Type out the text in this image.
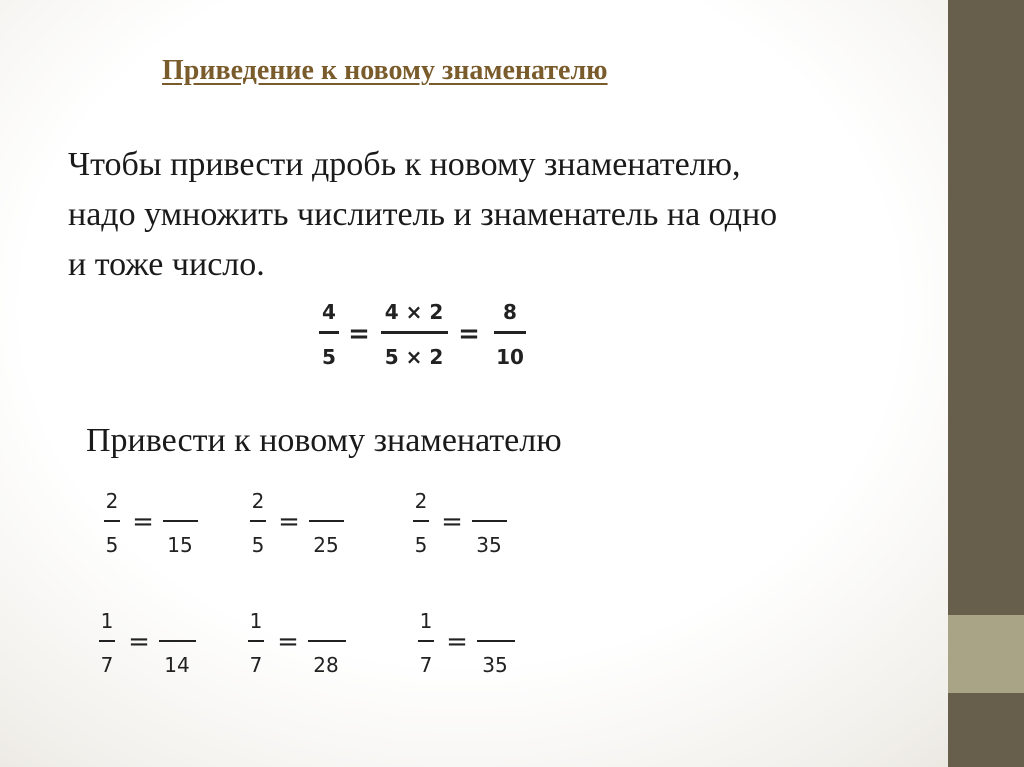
Приведение к новому знаменателю

Чтобы привести дробь к новому знаменателю,

надо умножить числитель и знаменатель на одно

и тоже число.

Привести к новому знаменателю
4
5
=
4 × 2
5 × 2
=
8
10
2
5
=
15
2
5
=
25
2
5
=
35
1
7
=
14
1
7
=
28
1
7
=
35
